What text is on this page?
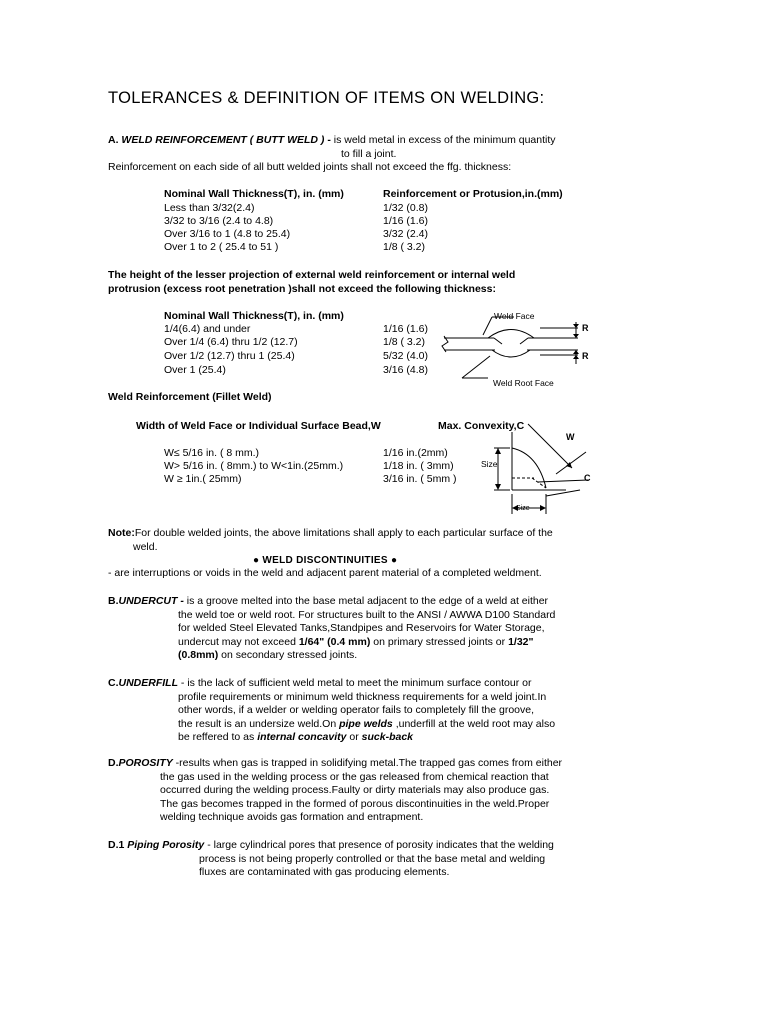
TOLERANCES & DEFINITION OF ITEMS ON WELDING:
A. WELD REINFORCEMENT ( BUTT WELD ) - is weld metal in excess of the minimum quantity
to fill a joint.
Reinforcement on each side of all butt welded joints shall not exceed the ffg. thickness:
Nominal Wall Thickness(T), in. (mm)	Reinforcement or Protusion,in.(mm)
Less than 3/32(2.4)	1/32 (0.8)
3/32 to 3/16 (2.4 to 4.8)	1/16 (1.6)
Over 3/16 to 1 (4.8 to 25.4)	3/32 (2.4)
Over 1 to 2 ( 25.4 to 51 )	1/8 ( 3.2)
The height of the lesser projection of external weld reinforcement or internal weld
protrusion (excess root penetration )shall not exceed the following thickness:
Nominal Wall Thickness(T), in. (mm)
1/4(6.4) and under	1/16 (1.6)
Over 1/4 (6.4) thru 1/2 (12.7)	1/8 ( 3.2)
Over 1/2 (12.7) thru 1 (25.4)	5/32 (4.0)
Over 1 (25.4)	3/16 (4.8)
Weld Face
Weld Root Face
R
R
Weld Reinforcement (Fillet Weld)
Width of Weld Face or Individual Surface Bead,W	Max. Convexity,C
W≤ 5/16 in. ( 8 mm.)	1/16 in.(2mm)
W> 5/16 in. ( 8mm.) to W<1in.(25mm.)	1/18 in. ( 3mm)
W ≥ 1in.( 25mm)	3/16 in. ( 5mm )
W
Size
Size
C
Note:For double welded joints, the above limitations shall apply to each particular surface of the
weld.
● WELD DISCONTINUITIES ●
- are interruptions or voids in the weld and adjacent parent material of a completed weldment.
B.UNDERCUT - is a groove melted into the base metal adjacent to the edge of a weld at either
the weld toe or weld root. For structures built to the ANSI / AWWA D100 Standard
for welded Steel Elevated Tanks,Standpipes and Reservoirs for Water Storage,
undercut may not exceed 1/64" (0.4 mm) on primary stressed joints or 1/32"
(0.8mm) on secondary stressed joints.
C.UNDERFILL - is the lack of sufficient weld metal to meet the minimum surface contour or
profile requirements or minimum weld thickness requirements for a weld joint.In
other words, if a welder or welding operator fails to completely fill the groove,
the result is an undersize weld.On pipe welds ,underfill at the weld root may also
be reffered to as internal concavity or suck-back
D.POROSITY -results when gas is trapped in solidifying metal.The trapped gas comes from either
the gas used in the welding process or the gas released from chemical reaction that
occurred during the welding process.Faulty or dirty materials may also produce gas.
The gas becomes trapped in the formed of porous discontinuities in the weld.Proper
welding technique avoids gas formation and entrapment.
D.1 Piping Porosity - large cylindrical pores that presence of porosity indicates that the welding
process is not being properly controlled or that the base metal and welding
fluxes are contaminated with gas producing elements.
